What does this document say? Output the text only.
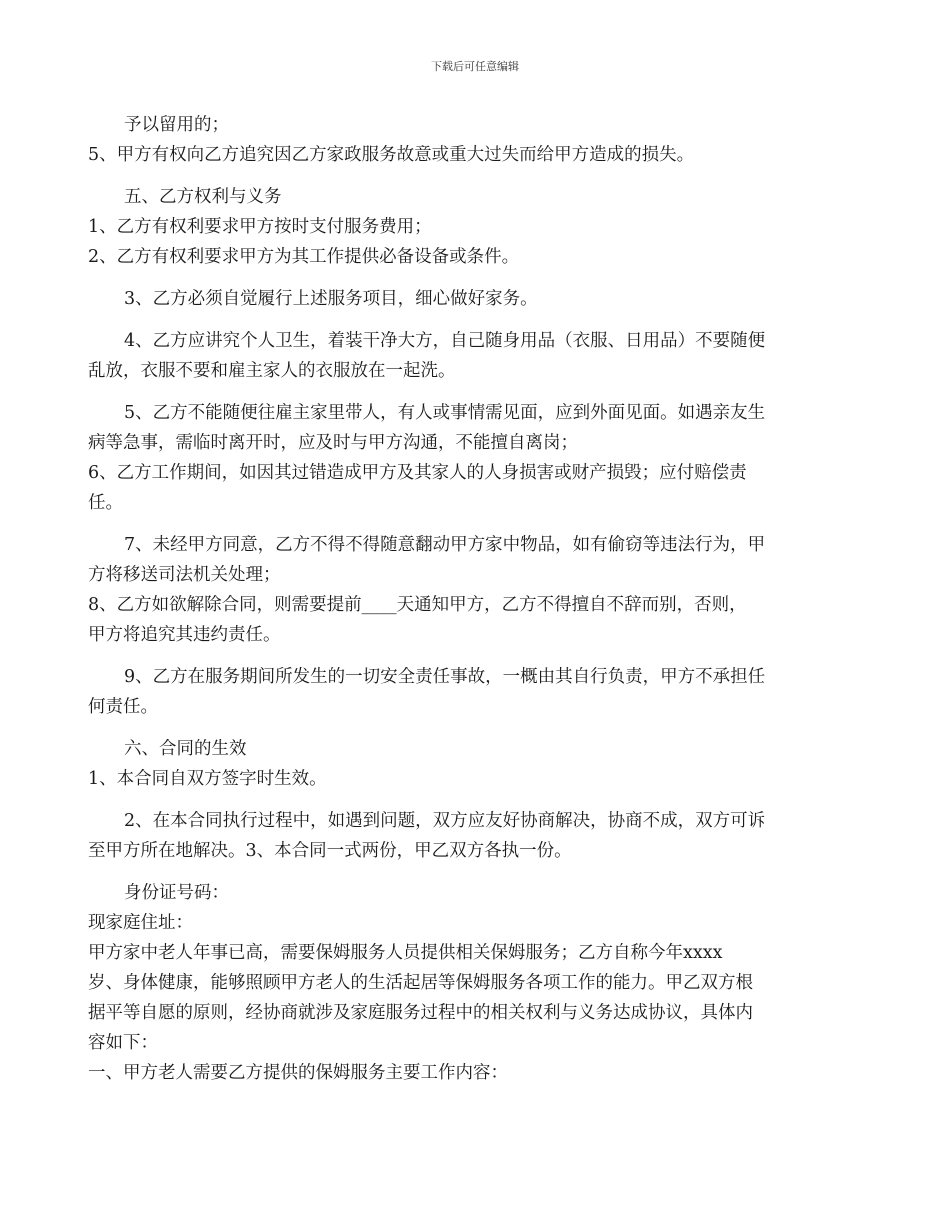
下载后可任意编辑
予以留用的；
5、甲方有权向乙方追究因乙方家政服务故意或重大过失而给甲方造成的损失。
五、乙方权利与义务
1、乙方有权利要求甲方按时支付服务费用；
2、乙方有权利要求甲方为其工作提供必备设备或条件。
3、乙方必须自觉履行上述服务项目，细心做好家务。
4、乙方应讲究个人卫生，着装干净大方，自己随身用品（衣服、日用品）不要随便
乱放，衣服不要和雇主家人的衣服放在一起洗。
5、乙方不能随便往雇主家里带人，有人或事情需见面，应到外面见面。如遇亲友生
病等急事，需临时离开时，应及时与甲方沟通，不能擅自离岗；
6、乙方工作期间，如因其过错造成甲方及其家人的人身损害或财产损毁；应付赔偿责
任。
7、未经甲方同意，乙方不得不得随意翻动甲方家中物品，如有偷窃等违法行为，甲
方将移送司法机关处理；
8、乙方如欲解除合同，则需要提前____天通知甲方，乙方不得擅自不辞而别，否则，
甲方将追究其违约责任。
9、乙方在服务期间所发生的一切安全责任事故，一概由其自行负责，甲方不承担任
何责任。
六、合同的生效
1、本合同自双方签字时生效。
2、在本合同执行过程中，如遇到问题，双方应友好协商解决，协商不成，双方可诉
至甲方所在地解决。3、本合同一式两份，甲乙双方各执一份。
身份证号码：
现家庭住址：
甲方家中老人年事已高，需要保姆服务人员提供相关保姆服务；乙方自称今年xxxx
岁、身体健康，能够照顾甲方老人的生活起居等保姆服务各项工作的能力。甲乙双方根
据平等自愿的原则，经协商就涉及家庭服务过程中的相关权利与义务达成协议，具体内
容如下：
一、甲方老人需要乙方提供的保姆服务主要工作内容：
